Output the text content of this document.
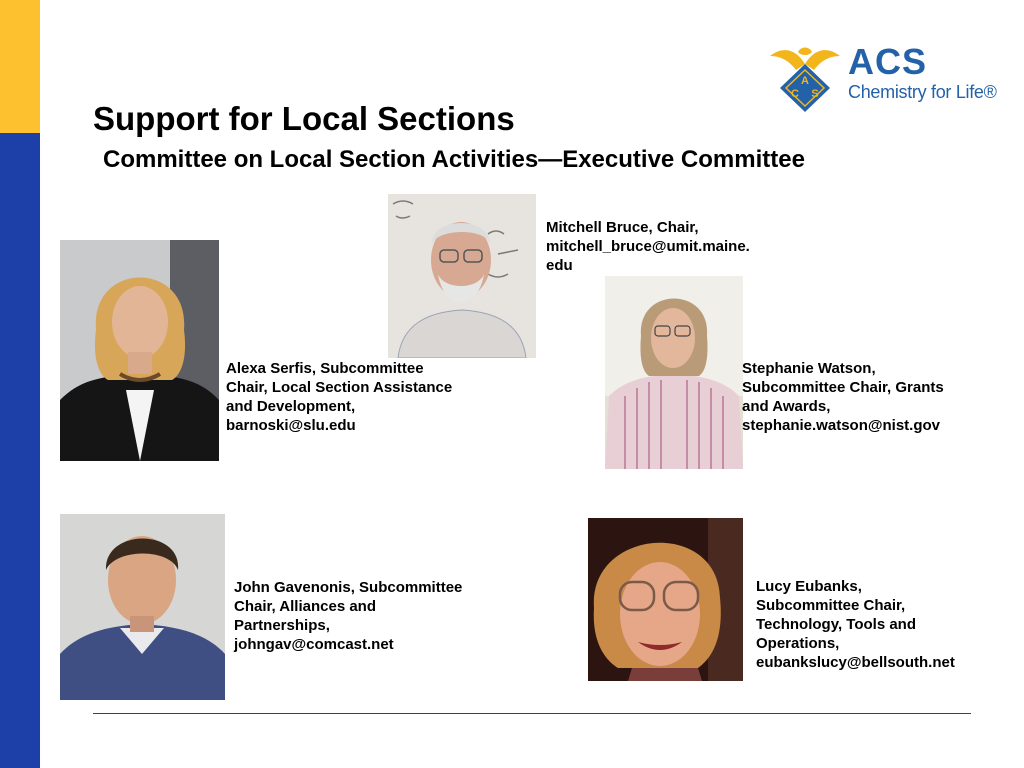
Support for Local Sections
Committee on Local Section Activities—Executive Committee
A
C S
ACS
Chemistry for Life®
Mitchell Bruce, Chair,
mitchell_bruce@umit.maine.
edu
Alexa Serfis, Subcommittee
Chair, Local Section Assistance
and Development,
barnoski@slu.edu
Stephanie Watson,
Subcommittee Chair, Grants
and Awards,
stephanie.watson@nist.gov
John Gavenonis, Subcommittee
Chair, Alliances and
Partnerships,
johngav@comcast.net
Lucy Eubanks,
Subcommittee Chair,
Technology, Tools and
Operations,
eubankslucy@bellsouth.net
